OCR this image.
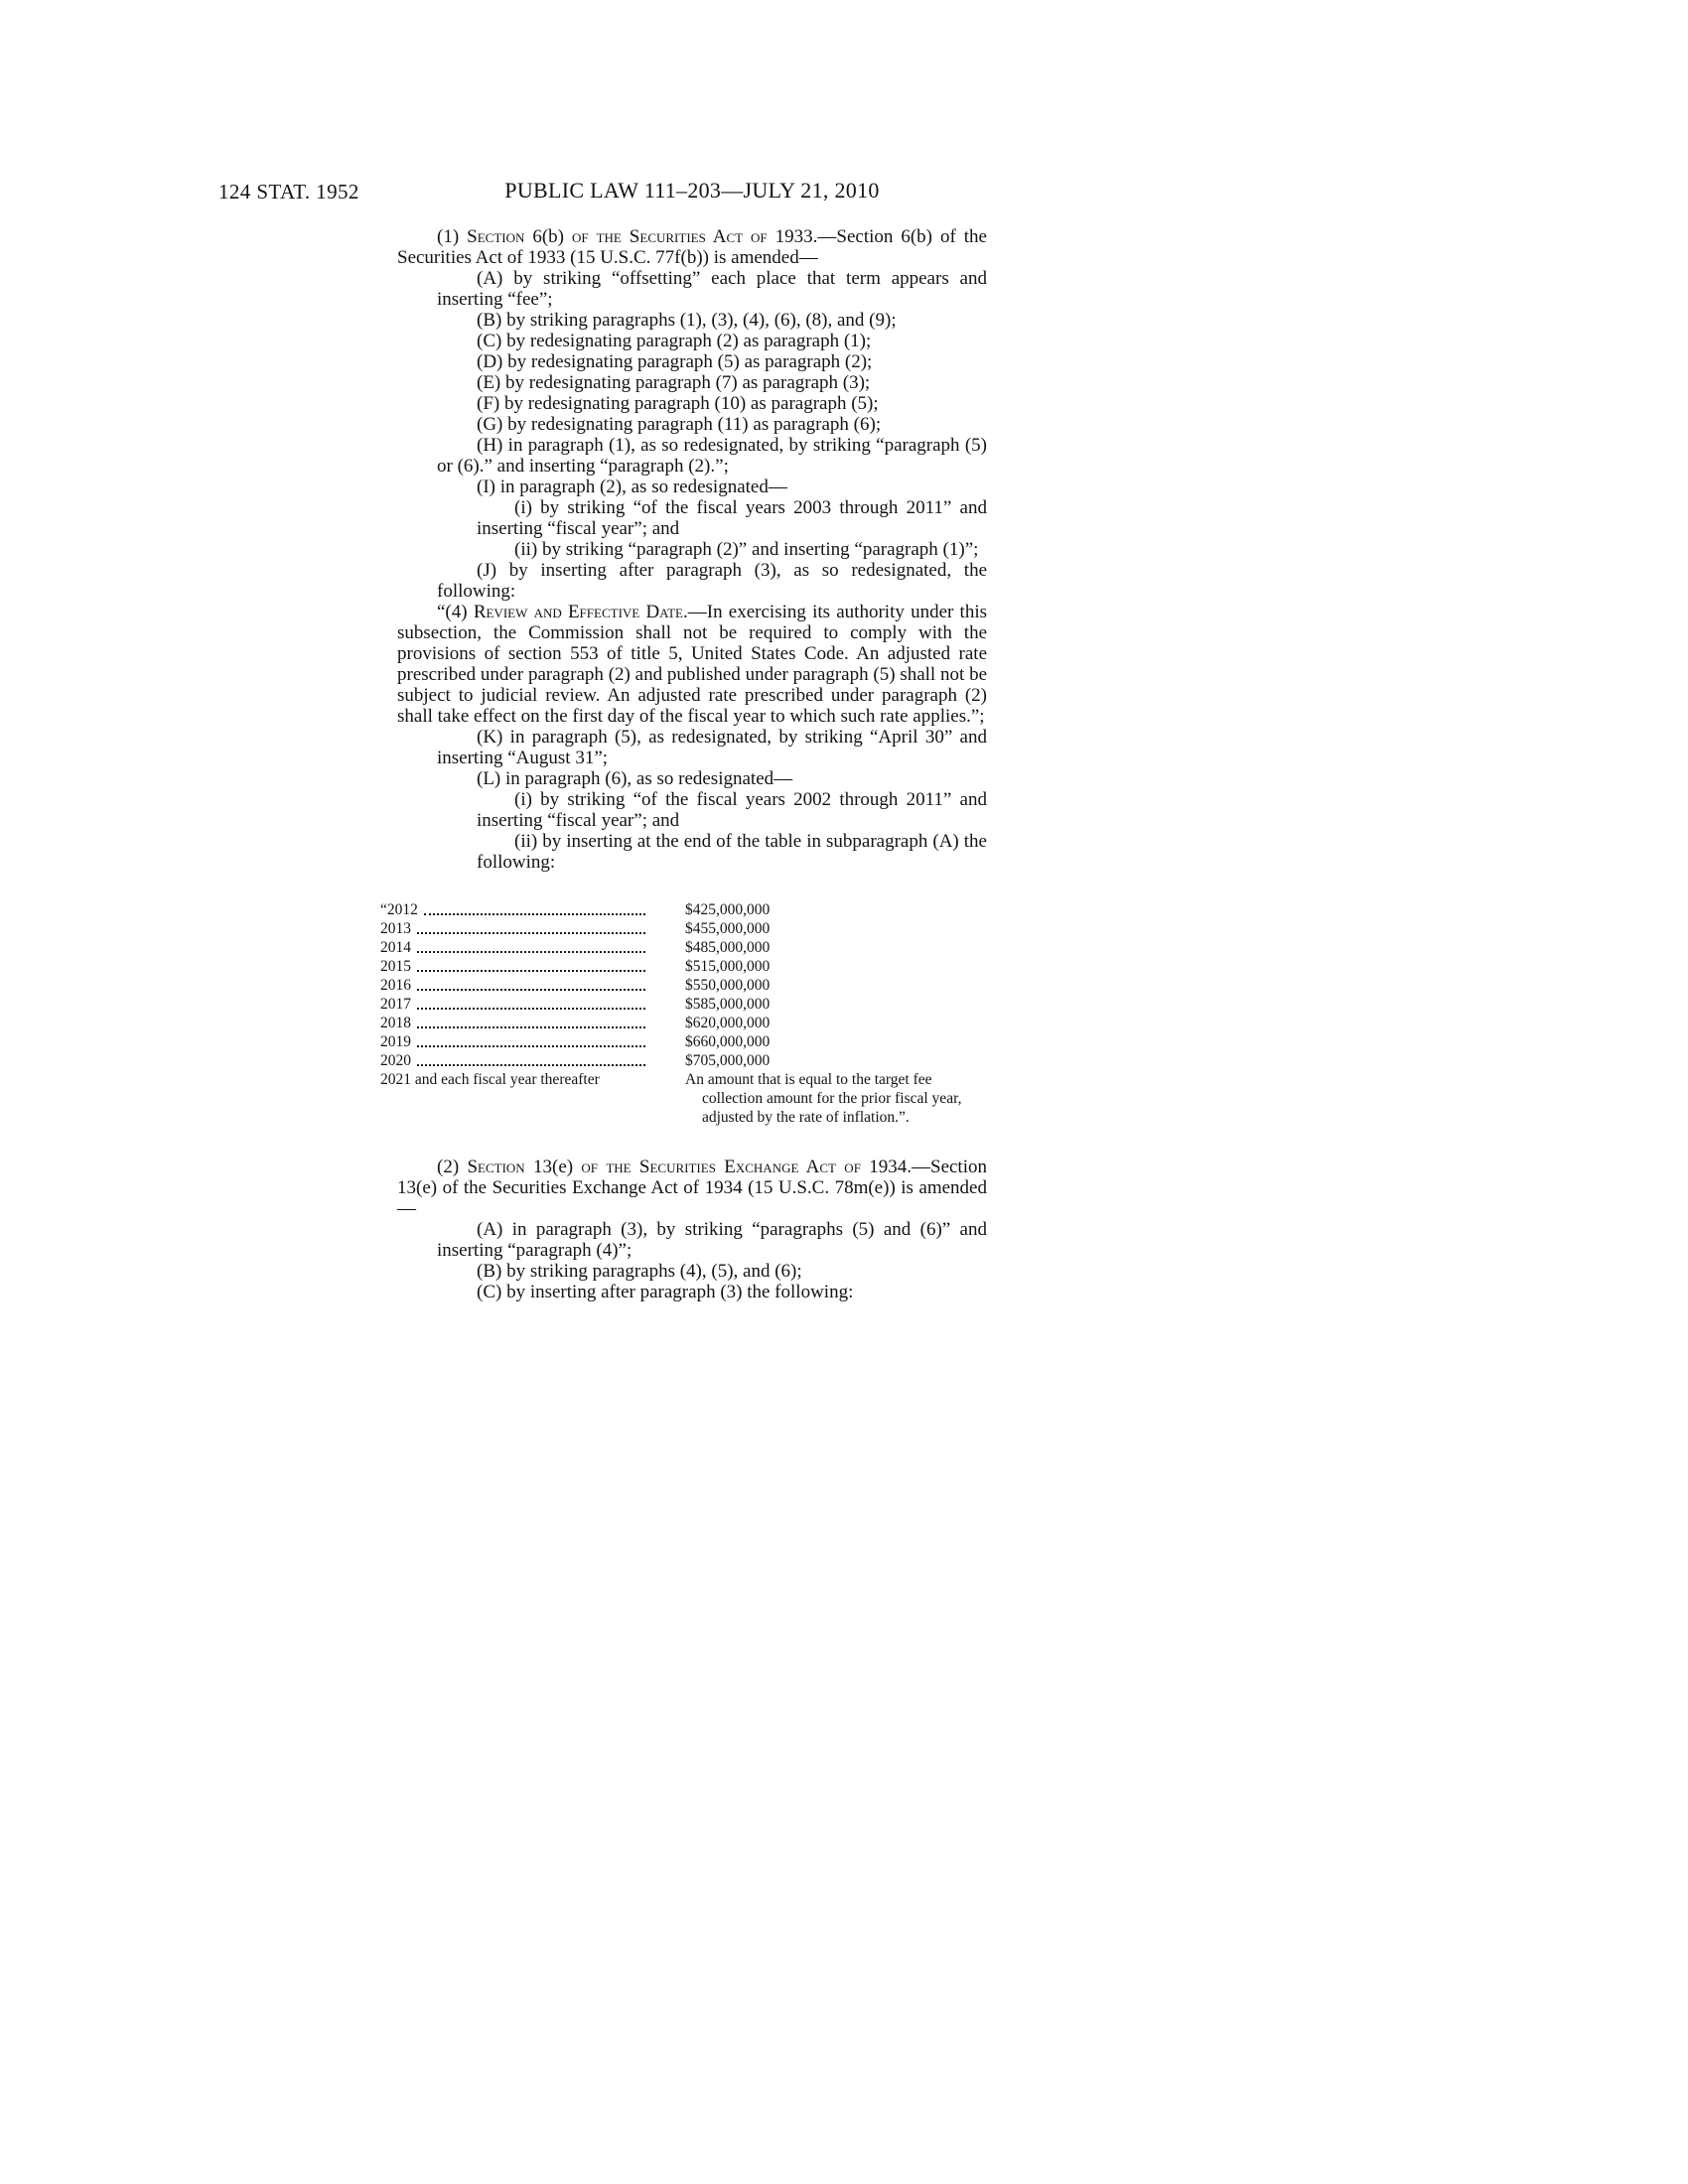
124 STAT. 1952	PUBLIC LAW 111–203—JULY 21, 2010

(1) Section 6(b) of the Securities Act of 1933.—Section 6(b) of the Securities Act of 1933 (15 U.S.C. 77f(b)) is amended—

(A) by striking “offsetting” each place that term appears and inserting “fee”;

(B) by striking paragraphs (1), (3), (4), (6), (8), and (9);

(C) by redesignating paragraph (2) as paragraph (1);

(D) by redesignating paragraph (5) as paragraph (2);

(E) by redesignating paragraph (7) as paragraph (3);

(F) by redesignating paragraph (10) as paragraph (5);

(G) by redesignating paragraph (11) as paragraph (6);

(H) in paragraph (1), as so redesignated, by striking “paragraph (5) or (6).” and inserting “paragraph (2).”;

(I) in paragraph (2), as so redesignated—

(i) by striking “of the fiscal years 2003 through 2011” and inserting “fiscal year”; and

(ii) by striking “paragraph (2)” and inserting “paragraph (1)”;

(J) by inserting after paragraph (3), as so redesignated, the following:

“(4) Review and Effective Date.—In exercising its authority under this subsection, the Commission shall not be required to comply with the provisions of section 553 of title 5, United States Code. An adjusted rate prescribed under paragraph (2) and published under paragraph (5) shall not be subject to judicial review. An adjusted rate prescribed under paragraph (2) shall take effect on the first day of the fiscal year to which such rate applies.”;

(K) in paragraph (5), as redesignated, by striking “April 30” and inserting “August 31”;

(L) in paragraph (6), as so redesignated—

(i) by striking “of the fiscal years 2002 through 2011” and inserting “fiscal year”; and

(ii) by inserting at the end of the table in subparagraph (A) the following:

“2012	$425,000,000
2013	$455,000,000
2014	$485,000,000
2015	$515,000,000
2016	$550,000,000
2017	$585,000,000
2018	$620,000,000
2019	$660,000,000
2020	$705,000,000
2021 and each fiscal year thereafter	An amount that is equal to the target fee collection amount for the prior fiscal year, adjusted by the rate of inflation.”.

(2) Section 13(e) of the Securities Exchange Act of 1934.—Section 13(e) of the Securities Exchange Act of 1934 (15 U.S.C. 78m(e)) is amended—

(A) in paragraph (3), by striking “paragraphs (5) and (6)” and inserting “paragraph (4)”;

(B) by striking paragraphs (4), (5), and (6);

(C) by inserting after paragraph (3) the following:
